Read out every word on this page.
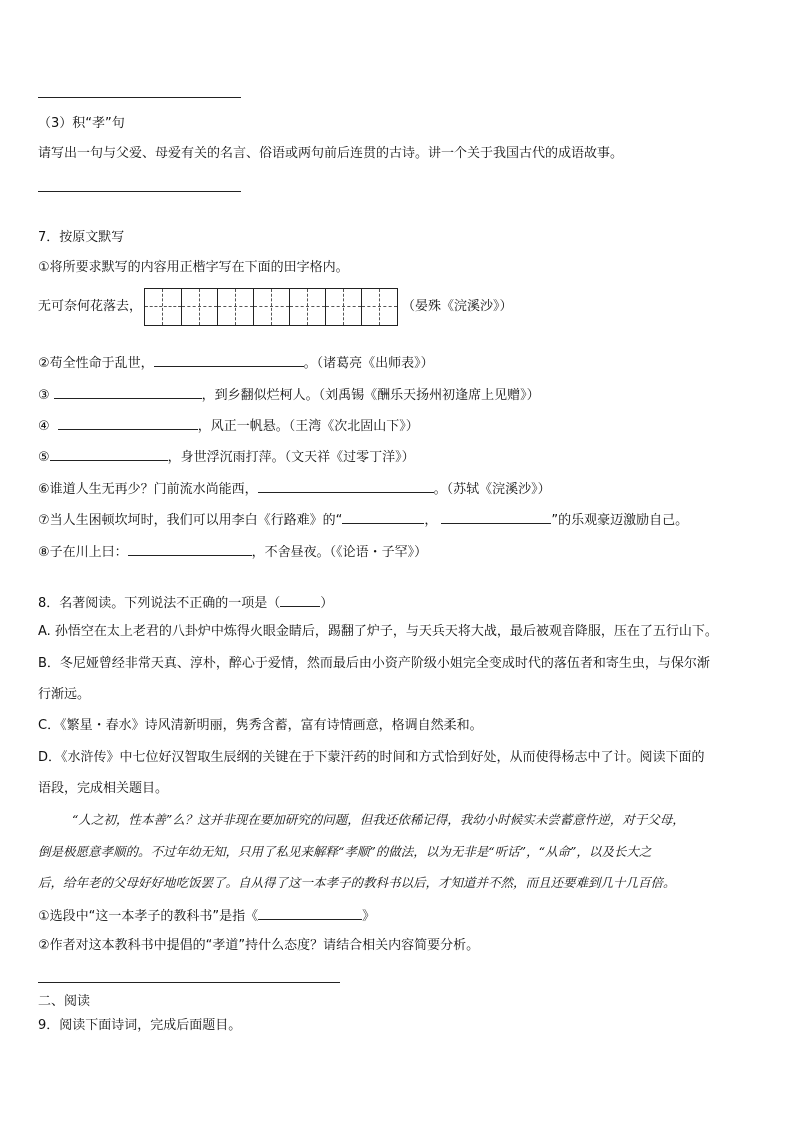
（3）积“孝”句
请写出一句与父爱、母爱有关的名言、俗语或两句前后连贯的古诗。讲一个关于我国古代的成语故事。
7．按原文默写
①将所要求默写的内容用正楷字写在下面的田字格内。
无可奈何花落去，	（晏殊《浣溪沙》）
②苟全性命于乱世，	。（诸葛亮《出师表》）
③	，到乡翻似烂柯人。（刘禹锡《酬乐天扬州初逢席上见赠》）
④	，风正一帆悬。（王湾《次北固山下》）
⑤	，身世浮沉雨打萍。（文天祥《过零丁洋》）
⑥谁道人生无再少？门前流水尚能西，	。（苏轼《浣溪沙》）
⑦当人生困顿坎坷时，我们可以用李白《行路难》的“	，	”的乐观豪迈激励自己。
⑧子在川上曰：	，不舍昼夜。（《论语・子罕》）
8．名著阅读。下列说法不正确的一项是（	）
A. 孙悟空在太上老君的八卦炉中炼得火眼金睛后，踢翻了炉子，与天兵天将大战，最后被观音降服，压在了五行山下。
B．冬尼娅曾经非常天真、淳朴，醉心于爱情，然而最后由小资产阶级小姐完全变成时代的落伍者和寄生虫，与保尔渐
行渐远。
C．《繁星・春水》诗风清新明丽，隽秀含蓄，富有诗情画意，格调自然柔和。
D．《水浒传》中七位好汉智取生辰纲的关键在于下蒙汗药的时间和方式恰到好处，从而使得杨志中了计。阅读下面的
语段，完成相关题目。
“人之初，性本善”么？这并非现在要加研究的问题，但我还依稀记得，我幼小时候实未尝蓄意忤逆，对于父母，
倒是极愿意孝顺的。不过年幼无知，只用了私见来解释“孝顺”的做法，以为无非是“听话”，“从命”，以及长大之
后，给年老的父母好好地吃饭罢了。自从得了这一本孝子的教科书以后，才知道并不然，而且还要难到几十几百倍。
①选段中“这一本孝子的教科书”是指《	》
②作者对这本教科书中提倡的“孝道”持什么态度？请结合相关内容简要分析。
二、阅读
9．阅读下面诗词，完成后面题目。
